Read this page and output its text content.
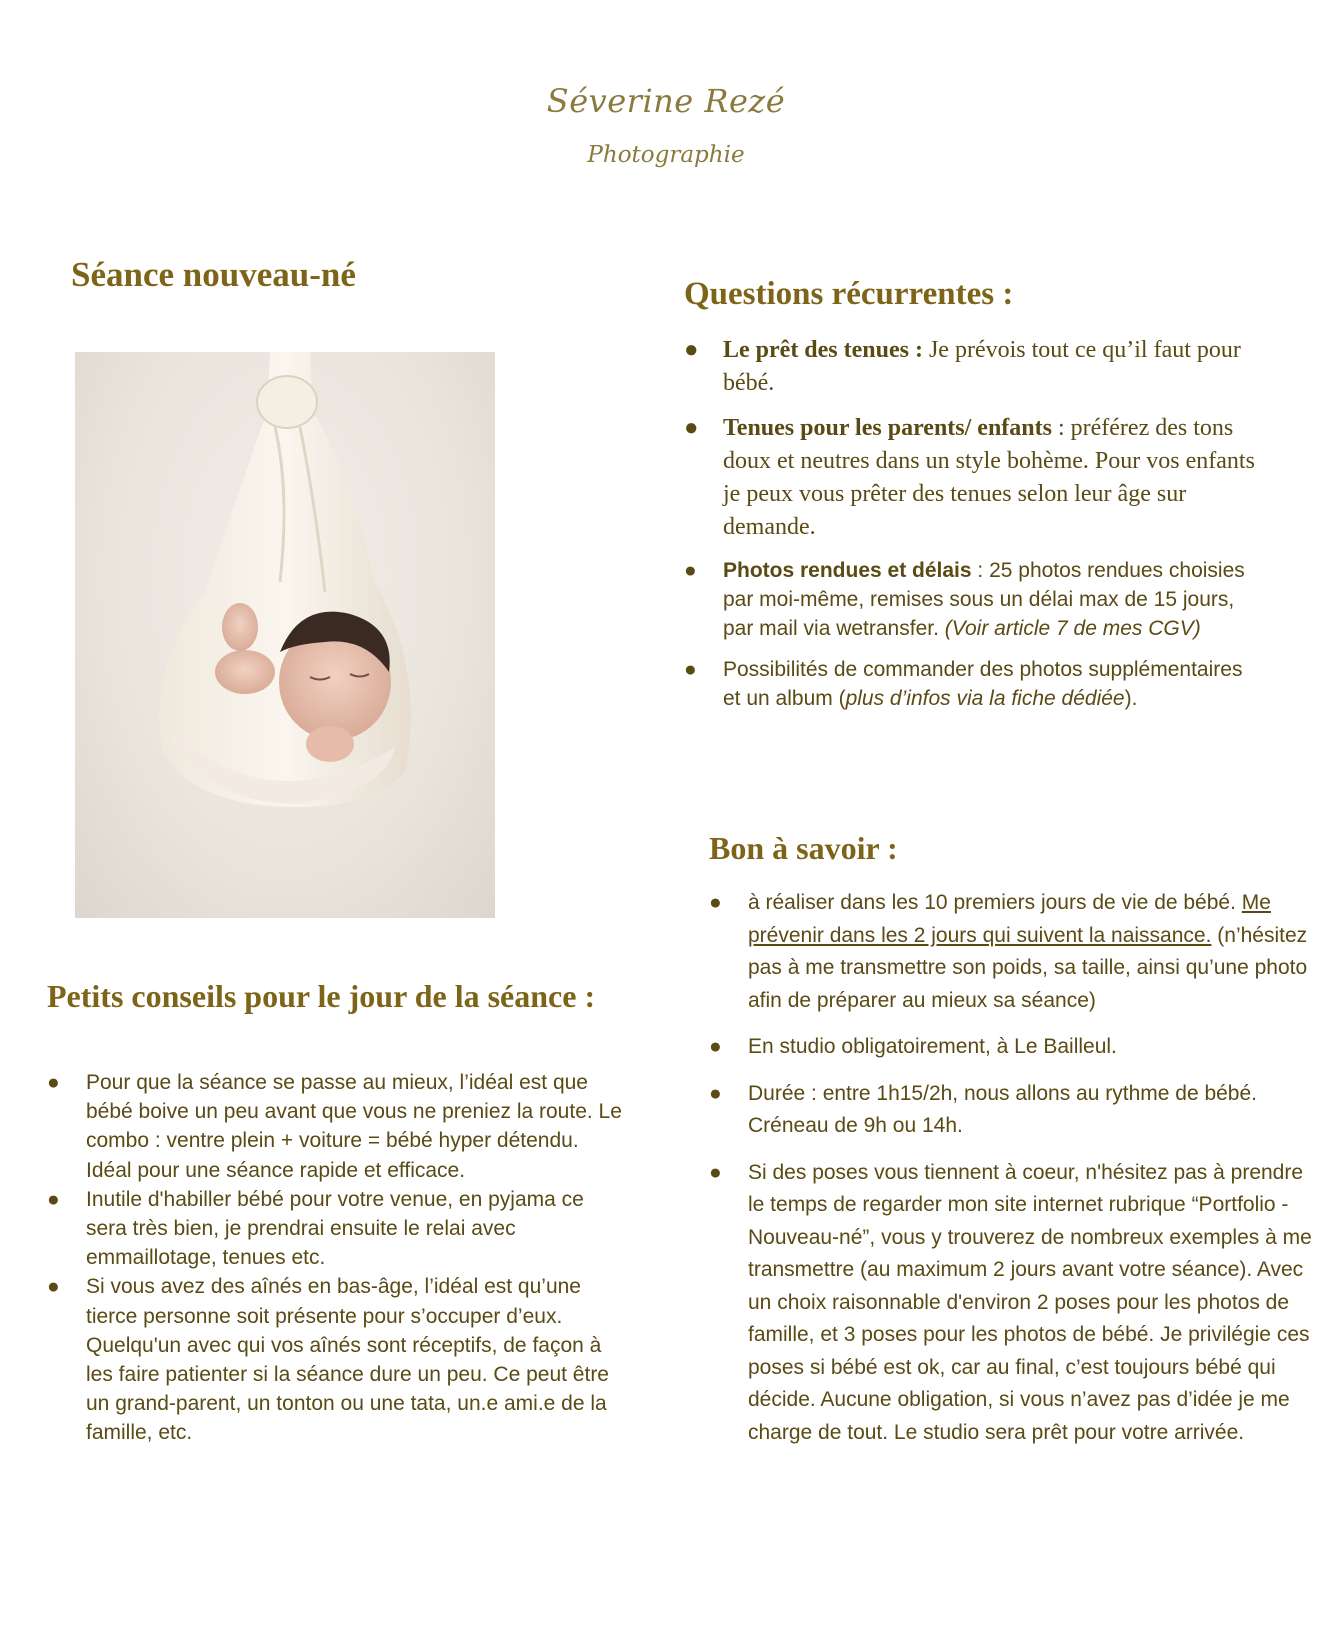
Séverine Rezé
Photographie
Séance nouveau-né	Questions récurrentes :
● Le prêt des tenues : Je prévois tout ce qu’il faut pour bébé.
● Tenues pour les parents/ enfants : préférez des tons doux et neutres dans un style bohème. Pour vos enfants je peux vous prêter des tenues selon leur âge sur demande.
● Photos rendues et délais : 25 photos rendues choisies par moi-même, remises sous un délai max de 15 jours, par mail via wetransfer. (Voir article 7 de mes CGV)
● Possibilités de commander des photos supplémentaires et un album (plus d’infos via la fiche dédiée).
Bon à savoir :
● à réaliser dans les 10 premiers jours de vie de bébé. Me prévenir dans les 2 jours qui suivent la naissance. (n’hésitez pas à me transmettre son poids, sa taille, ainsi qu’une photo afin de préparer au mieux sa séance)
● En studio obligatoirement, à Le Bailleul.
● Durée : entre 1h15/2h, nous allons au rythme de bébé. Créneau de 9h ou 14h.
● Si des poses vous tiennent à coeur, n'hésitez pas à prendre le temps de regarder mon site internet rubrique “Portfolio - Nouveau-né”, vous y trouverez de nombreux exemples à me transmettre (au maximum 2 jours avant votre séance). Avec un choix raisonnable d'environ 2 poses pour les photos de famille, et 3 poses pour les photos de bébé. Je privilégie ces poses si bébé est ok, car au final, c’est toujours bébé qui décide. Aucune obligation, si vous n’avez pas d’idée je me charge de tout. Le studio sera prêt pour votre arrivée.
Petits conseils pour le jour de la séance :
● Pour que la séance se passe au mieux, l’idéal est que bébé boive un peu avant que vous ne preniez la route. Le combo : ventre plein + voiture = bébé hyper détendu. Idéal pour une séance rapide et efficace.
● Inutile d'habiller bébé pour votre venue, en pyjama ce sera très bien, je prendrai ensuite le relai avec emmaillotage, tenues etc.
● Si vous avez des aînés en bas-âge, l’idéal est qu’une tierce personne soit présente pour s’occuper d’eux. Quelqu'un avec qui vos aînés sont réceptifs, de façon à les faire patienter si la séance dure un peu. Ce peut être un grand-parent, un tonton ou une tata, un.e ami.e de la famille, etc.
